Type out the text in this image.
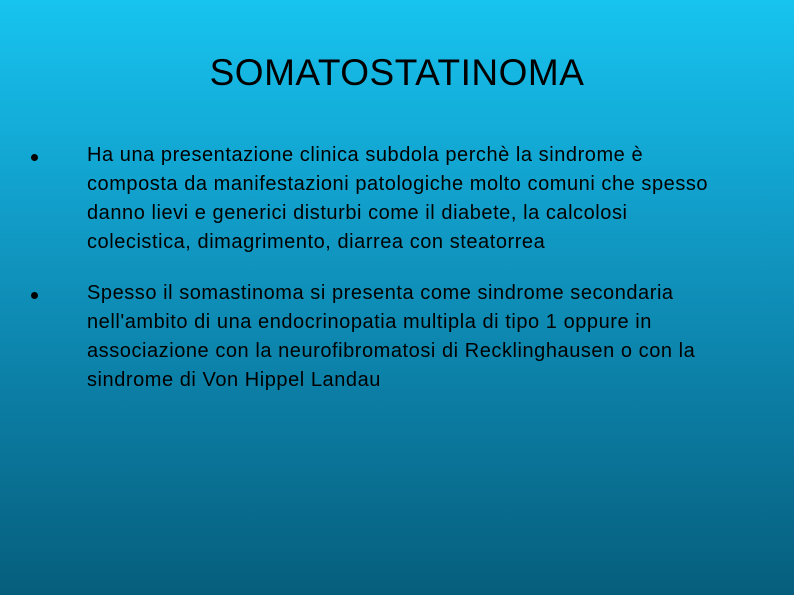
SOMATOSTATINOMA
Ha una presentazione clinica subdola perchè la sindrome è composta da manifestazioni patologiche molto comuni che spesso danno lievi e generici disturbi come il diabete, la calcolosi colecistica, dimagrimento, diarrea con steatorrea
Spesso il somastinoma si presenta come sindrome secondaria nell'ambito di una endocrinopatia multipla di tipo 1 oppure in associazione con la neurofibromatosi di Recklinghausen o con la sindrome di Von Hippel Landau
